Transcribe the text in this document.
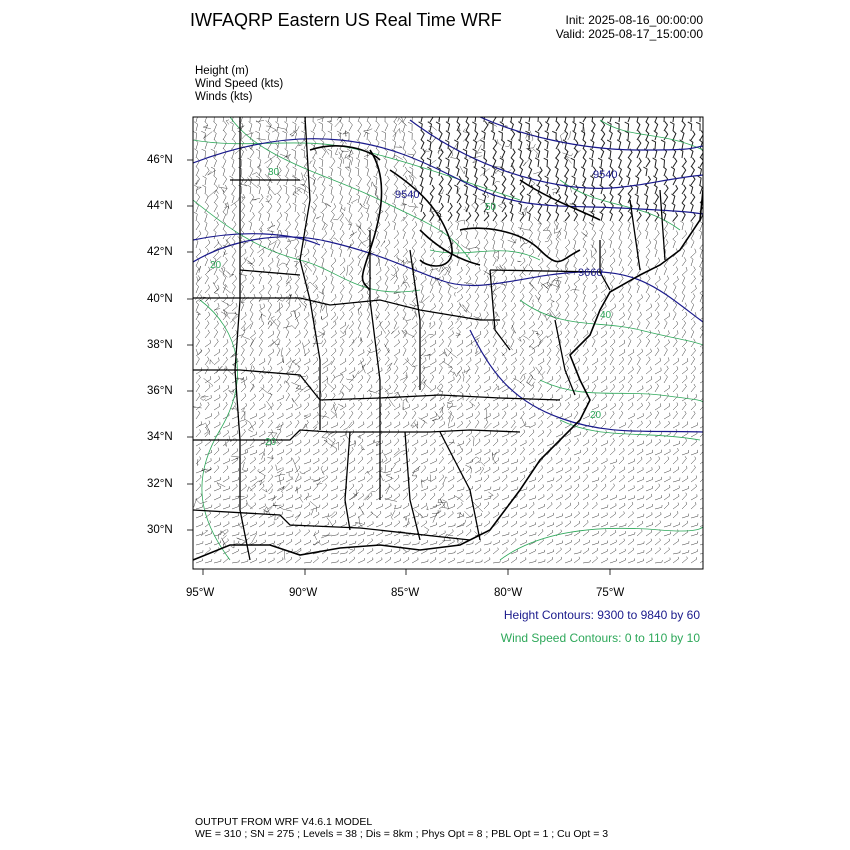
9540
9660
9540
50
20
30
20
20
40
IWFAQRP Eastern US Real Time WRF	Init: 2025-08-16_00:00:00
Valid: 2025-08-17_15:00:00
Height (m)
Wind Speed (kts)
Winds (kts)
95°W	90°W	85°W	80°W	75°W
46°N
44°N
42°N
40°N
38°N
36°N
34°N
32°N
30°N
Height Contours: 9300 to 9840 by 60
Wind Speed Contours: 0 to 110 by 10
OUTPUT FROM WRF V4.6.1 MODEL
WE = 310 ; SN = 275 ; Levels = 38 ; Dis = 8km ; Phys Opt = 8 ; PBL Opt = 1 ; Cu Opt = 3
